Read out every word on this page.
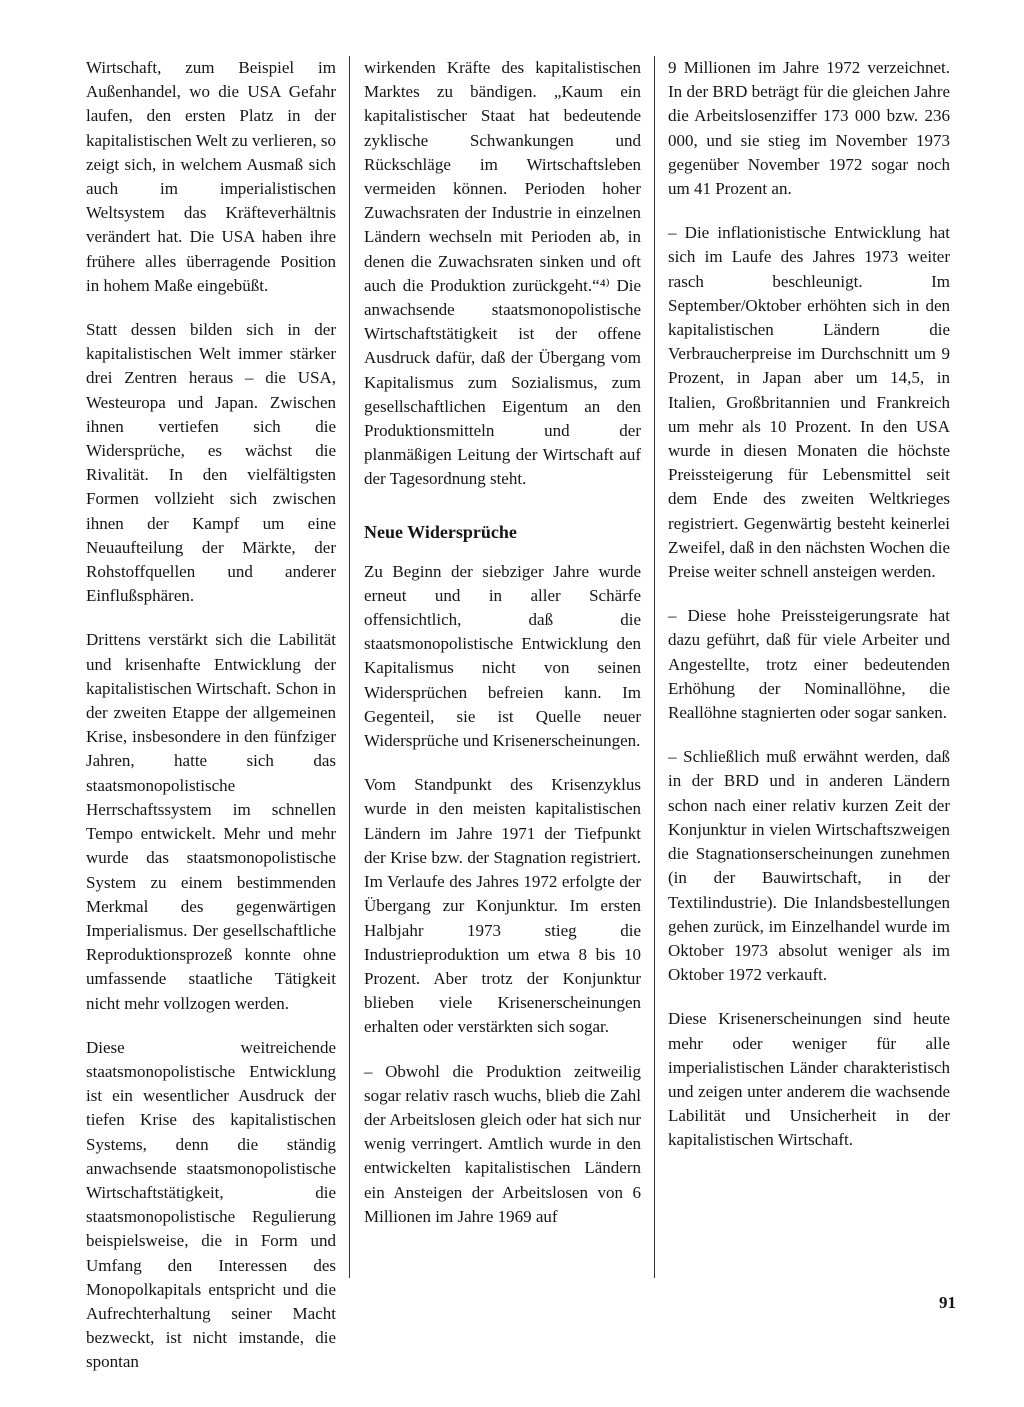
Wirtschaft, zum Beispiel im Außenhandel, wo die USA Gefahr laufen, den ersten Platz in der kapitalistischen Welt zu verlieren, so zeigt sich, in welchem Ausmaß sich auch im imperialistischen Weltsystem das Kräfteverhältnis verändert hat. Die USA haben ihre frühere alles überragende Position in hohem Maße eingebüßt.

Statt dessen bilden sich in der kapitalistischen Welt immer stärker drei Zentren heraus – die USA, Westeuropa und Japan. Zwischen ihnen vertiefen sich die Widersprüche, es wächst die Rivalität. In den vielfältigsten Formen vollzieht sich zwischen ihnen der Kampf um eine Neuaufteilung der Märkte, der Rohstoffquellen und anderer Einflußsphären.

Drittens verstärkt sich die Labilität und krisenhafte Entwicklung der kapitalistischen Wirtschaft. Schon in der zweiten Etappe der allgemeinen Krise, insbesondere in den fünfziger Jahren, hatte sich das staatsmonopolistische Herrschaftssystem im schnellen Tempo entwickelt. Mehr und mehr wurde das staatsmonopolistische System zu einem bestimmenden Merkmal des gegenwärtigen Imperialismus. Der gesellschaftliche Reproduktionsprozeß konnte ohne umfassende staatliche Tätigkeit nicht mehr vollzogen werden.

Diese weitreichende staatsmonopolistische Entwicklung ist ein wesentlicher Ausdruck der tiefen Krise des kapitalistischen Systems, denn die ständig anwachsende staatsmonopolistische Wirtschaftstätigkeit, die staatsmonopolistische Regulierung beispielsweise, die in Form und Umfang den Interessen des Monopolkapitals entspricht und die Aufrechterhaltung seiner Macht bezweckt, ist nicht imstande, die spontan

wirkenden Kräfte des kapitalistischen Marktes zu bändigen. „Kaum ein kapitalistischer Staat hat bedeutende zyklische Schwankungen und Rückschläge im Wirtschaftsleben vermeiden können. Perioden hoher Zuwachsraten der Industrie in einzelnen Ländern wechseln mit Perioden ab, in denen die Zuwachsraten sinken und oft auch die Produktion zurückgeht.“⁴⁾ Die anwachsende staatsmonopolistische Wirtschaftstätigkeit ist der offene Ausdruck dafür, daß der Übergang vom Kapitalismus zum Sozialismus, zum gesellschaftlichen Eigentum an den Produktionsmitteln und der planmäßigen Leitung der Wirtschaft auf der Tagesordnung steht.

Neue Widersprüche

Zu Beginn der siebziger Jahre wurde erneut und in aller Schärfe offensichtlich, daß die staatsmonopolistische Entwicklung den Kapitalismus nicht von seinen Widersprüchen befreien kann. Im Gegenteil, sie ist Quelle neuer Widersprüche und Krisenerscheinungen.

Vom Standpunkt des Krisenzyklus wurde in den meisten kapitalistischen Ländern im Jahre 1971 der Tiefpunkt der Krise bzw. der Stagnation registriert. Im Verlaufe des Jahres 1972 erfolgte der Übergang zur Konjunktur. Im ersten Halbjahr 1973 stieg die Industrieproduktion um etwa 8 bis 10 Prozent. Aber trotz der Konjunktur blieben viele Krisenerscheinungen erhalten oder verstärkten sich sogar.

– Obwohl die Produktion zeitweilig sogar relativ rasch wuchs, blieb die Zahl der Arbeitslosen gleich oder hat sich nur wenig verringert. Amtlich wurde in den entwickelten kapitalistischen Ländern ein Ansteigen der Arbeitslosen von 6 Millionen im Jahre 1969 auf

9 Millionen im Jahre 1972 verzeichnet. In der BRD beträgt für die gleichen Jahre die Arbeitslosenziffer 173 000 bzw. 236 000, und sie stieg im November 1973 gegenüber November 1972 sogar noch um 41 Prozent an.

– Die inflationistische Entwicklung hat sich im Laufe des Jahres 1973 weiter rasch beschleunigt. Im September/Oktober erhöhten sich in den kapitalistischen Ländern die Verbraucherpreise im Durchschnitt um 9 Prozent, in Japan aber um 14,5, in Italien, Großbritannien und Frankreich um mehr als 10 Prozent. In den USA wurde in diesen Monaten die höchste Preissteigerung für Lebensmittel seit dem Ende des zweiten Weltkrieges registriert. Gegenwärtig besteht keinerlei Zweifel, daß in den nächsten Wochen die Preise weiter schnell ansteigen werden.

– Diese hohe Preissteigerungsrate hat dazu geführt, daß für viele Arbeiter und Angestellte, trotz einer bedeutenden Erhöhung der Nominallöhne, die Reallöhne stagnierten oder sogar sanken.

– Schließlich muß erwähnt werden, daß in der BRD und in anderen Ländern schon nach einer relativ kurzen Zeit der Konjunktur in vielen Wirtschaftszweigen die Stagnationserscheinungen zunehmen (in der Bauwirtschaft, in der Textilindustrie). Die Inlandsbestellungen gehen zurück, im Einzelhandel wurde im Oktober 1973 absolut weniger als im Oktober 1972 verkauft.

Diese Krisenerscheinungen sind heute mehr oder weniger für alle imperialistischen Länder charakteristisch und zeigen unter anderem die wachsende Labilität und Unsicherheit in der kapitalistischen Wirtschaft.

91
